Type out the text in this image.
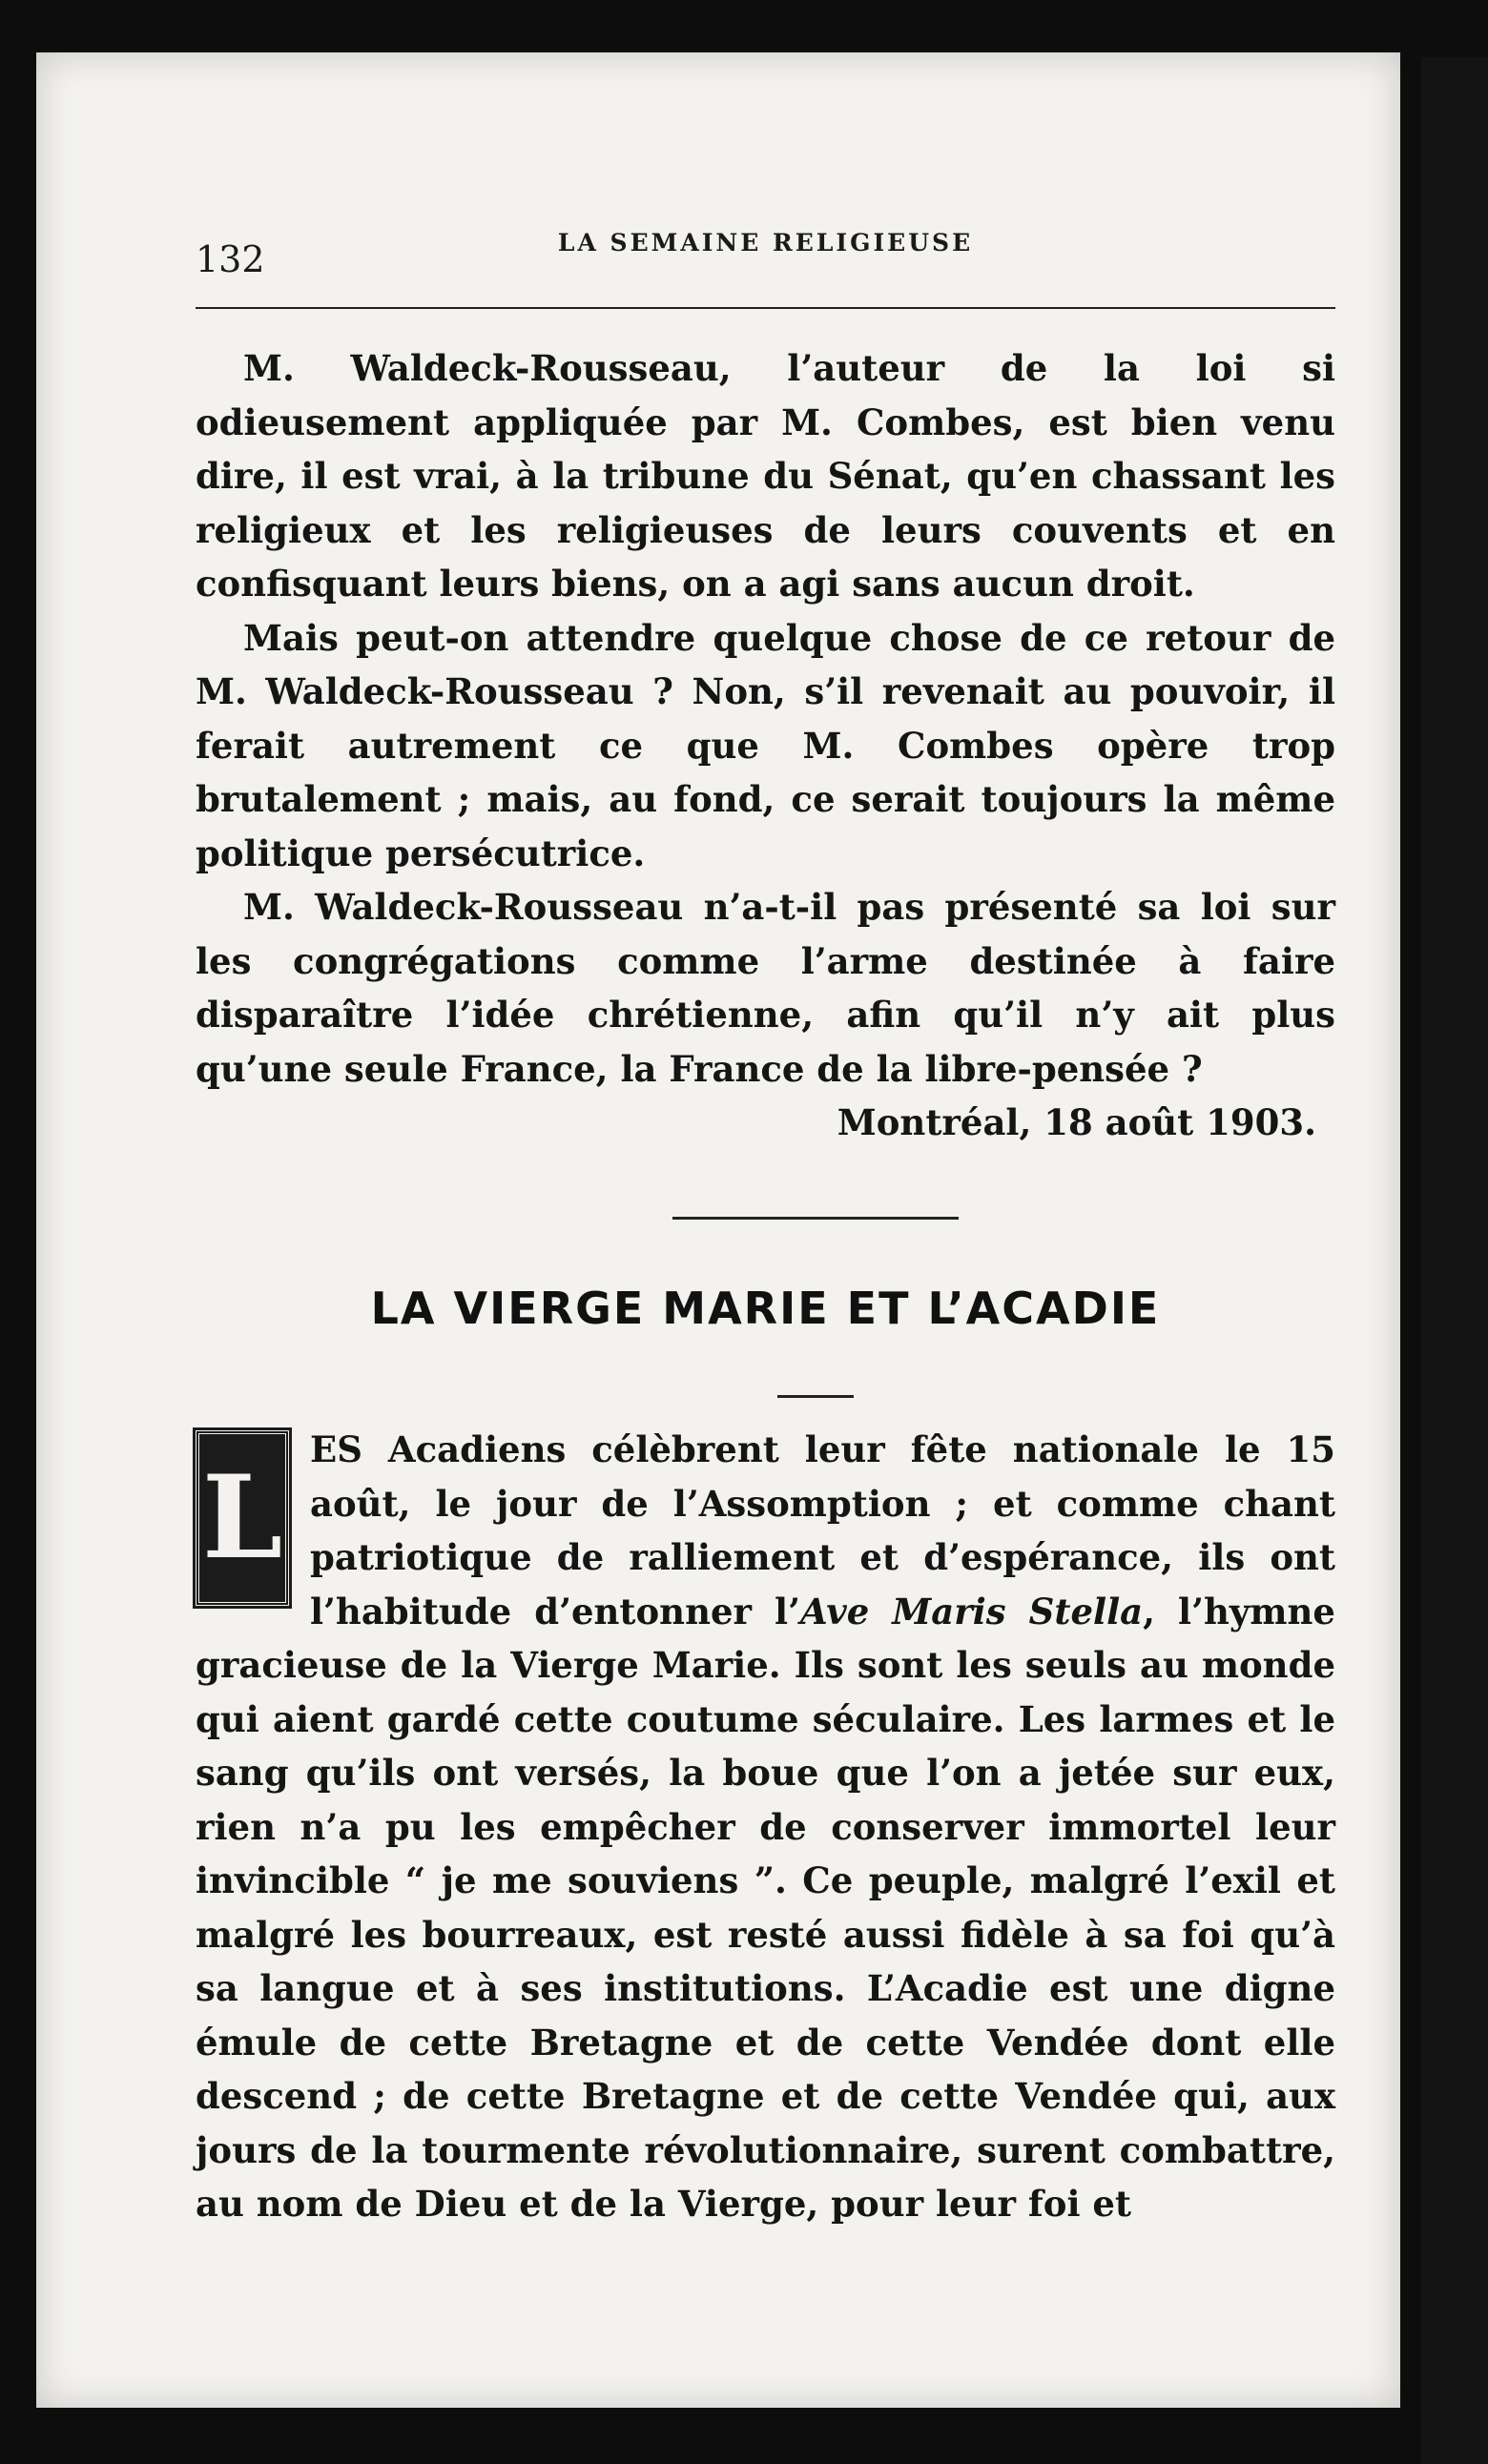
132	LA SEMAINE RELIGIEUSE

M. Waldeck-Rousseau, l’auteur de la loi si odieusement appliquée par M. Combes, est bien venu dire, il est vrai, à la tribune du Sénat, qu’en chassant les religieux et les religieuses de leurs couvents et en confisquant leurs biens, on a agi sans aucun droit.

Mais peut-on attendre quelque chose de ce retour de M. Waldeck-Rousseau ? Non, s’il revenait au pouvoir, il ferait autrement ce que M. Combes opère trop brutalement ; mais, au fond, ce serait toujours la même politique persécutrice.

M. Waldeck-Rousseau n’a-t-il pas présenté sa loi sur les congrégations comme l’arme destinée à faire disparaître l’idée chrétienne, afin qu’il n’y ait plus qu’une seule France, la France de la libre-pensée ?

Montréal, 18 août 1903.

LA VIERGE MARIE ET L’ACADIE

L
ES Acadiens célèbrent leur fête nationale le 15 août, le jour de l’Assomption ; et comme chant patriotique de ralliement et d’espérance, ils ont l’habitude d’entonner l’Ave Maris Stella, l’hymne gracieuse de la Vierge Marie. Ils sont les seuls au monde qui aient gardé cette coutume séculaire. Les larmes et le sang qu’ils ont versés, la boue que l’on a jetée sur eux, rien n’a pu les empêcher de conserver immortel leur invincible “ je me souviens ”. Ce peuple, malgré l’exil et malgré les bourreaux, est resté aussi fidèle à sa foi qu’à sa langue et à ses institutions. L’Acadie est une digne émule de cette Bretagne et de cette Vendée dont elle descend ; de cette Bretagne et de cette Vendée qui, aux jours de la tourmente révolutionnaire, surent combattre, au nom de Dieu et de la Vierge, pour leur foi et
